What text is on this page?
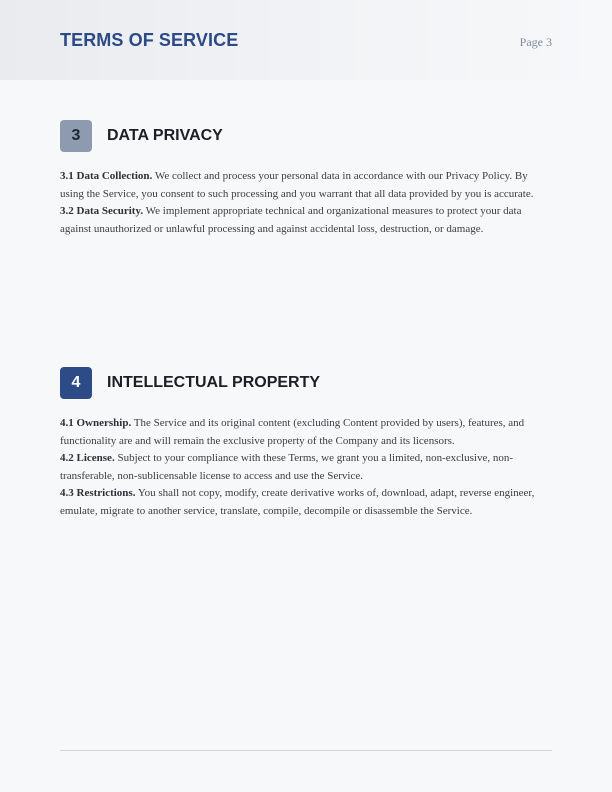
TERMS OF SERVICE	Page 3
3	DATA PRIVACY

3.1 Data Collection. We collect and process your personal data in accordance with our Privacy Policy. By using the Service, you consent to such processing and you warrant that all data provided by you is accurate.

3.2 Data Security. We implement appropriate technical and organizational measures to protect your data against unauthorized or unlawful processing and against accidental loss, destruction, or damage.

4	INTELLECTUAL PROPERTY

4.1 Ownership. The Service and its original content (excluding Content provided by users), features, and functionality are and will remain the exclusive property of the Company and its licensors.

4.2 License. Subject to your compliance with these Terms, we grant you a limited, non-exclusive, non-transferable, non-sublicensable license to access and use the Service.

4.3 Restrictions. You shall not copy, modify, create derivative works of, download, adapt, reverse engineer, emulate, migrate to another service, translate, compile, decompile or disassemble the Service.
